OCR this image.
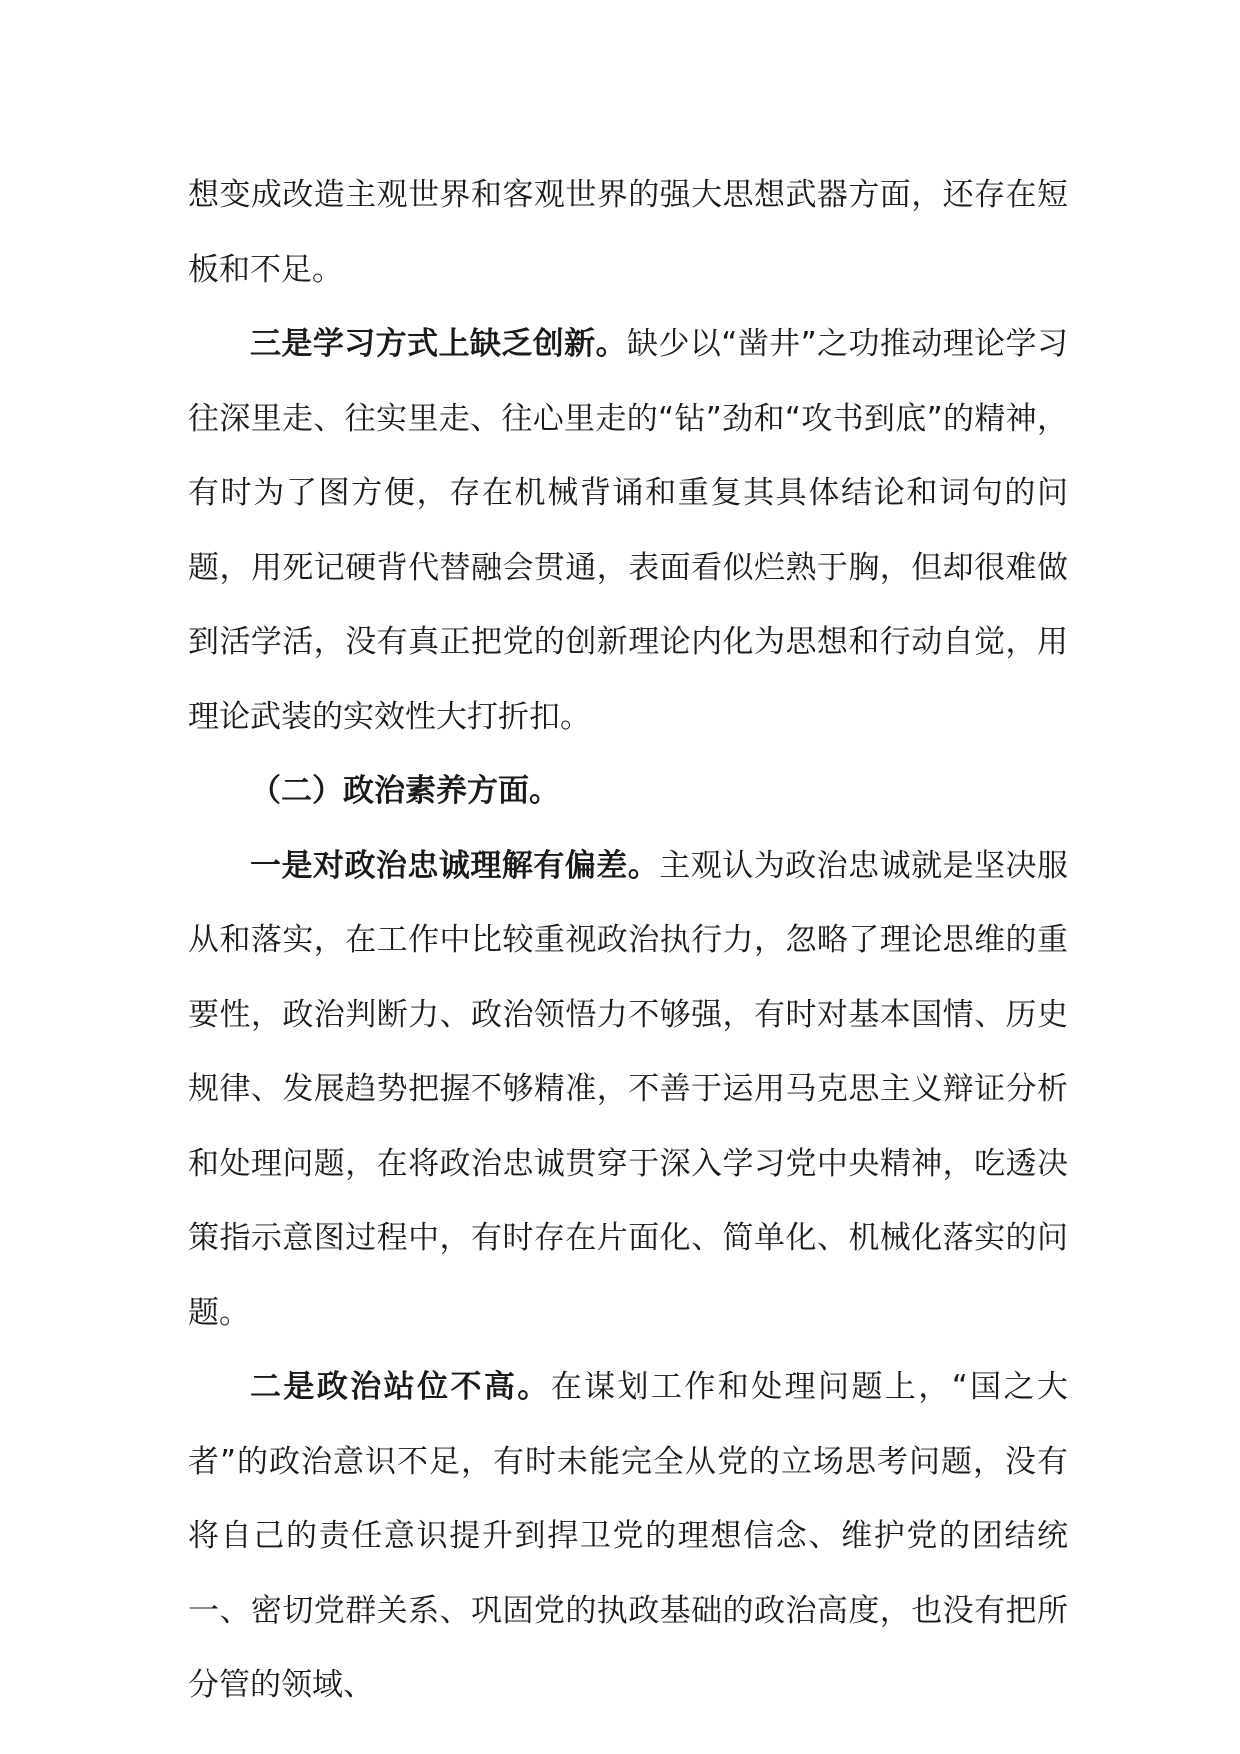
想变成改造主观世界和客观世界的强大思想武器方面，还存在短板和不足。

三是学习方式上缺乏创新。缺少以“凿井”之功推动理论学习往深里走、往实里走、往心里走的“钻”劲和“攻书到底”的精神，有时为了图方便，存在机械背诵和重复其具体结论和词句的问题，用死记硬背代替融会贯通，表面看似烂熟于胸，但却很难做到活学活，没有真正把党的创新理论内化为思想和行动自觉，用理论武装的实效性大打折扣。

（二）政治素养方面。

一是对政治忠诚理解有偏差。主观认为政治忠诚就是坚决服从和落实，在工作中比较重视政治执行力，忽略了理论思维的重要性，政治判断力、政治领悟力不够强，有时对基本国情、历史规律、发展趋势把握不够精准，不善于运用马克思主义辩证分析和处理问题，在将政治忠诚贯穿于深入学习党中央精神，吃透决策指示意图过程中，有时存在片面化、简单化、机械化落实的问题。

二是政治站位不高。在谋划工作和处理问题上，“国之大者”的政治意识不足，有时未能完全从党的立场思考问题，没有将自己的责任意识提升到捍卫党的理想信念、维护党的团结统一、密切党群关系、巩固党的执政基础的政治高度，也没有把所分管的领域、
